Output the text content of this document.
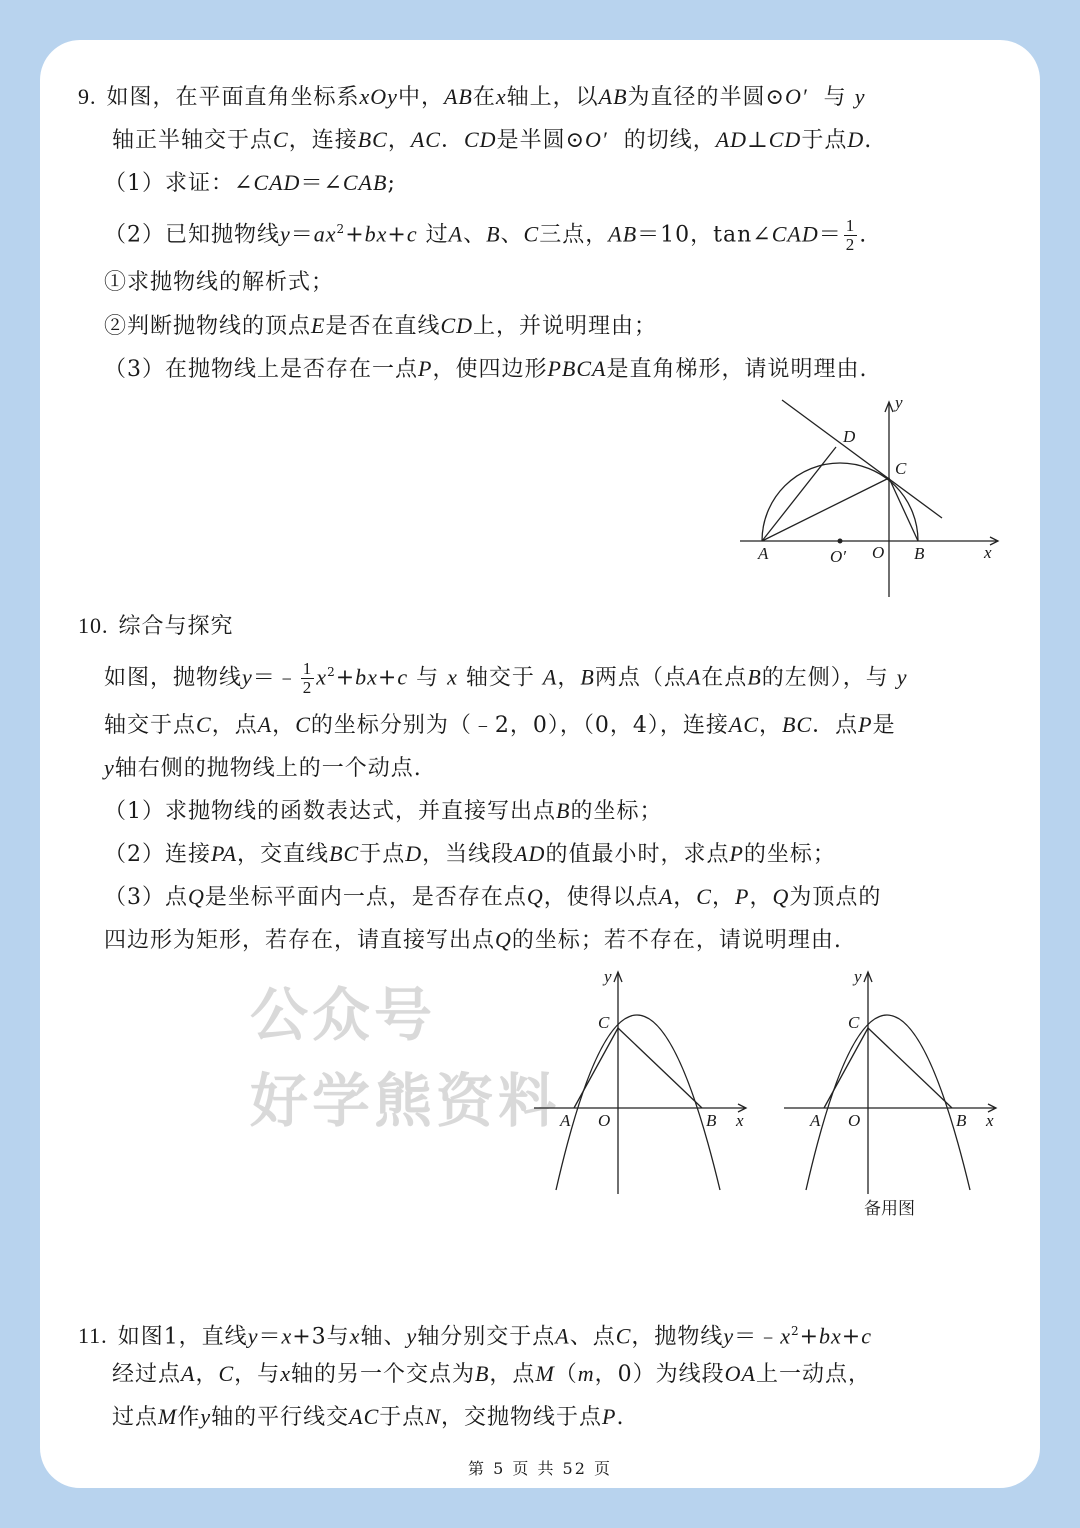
9. 如图，在平面直角坐标系xOy中，AB在x轴上，以AB为直径的半圆⊙O′ 与 y
轴正半轴交于点C，连接BC，AC．CD是半圆⊙O′ 的切线，AD⊥CD于点D.
（1）求证：∠CAD＝∠CAB;
（2）已知抛物线$y=ax^2+bx+c$ 过A、B、C三点，AB＝10，tan∠CAD＝ $\frac{1}{2}$ .
①求抛物线的解析式；
②判断抛物线的顶点E是否在直线CD上，并说明理由；
（3）在抛物线上是否存在一点P，使四边形PBCA是直角梯形，请说明理由.
y
D
C
A	O′ O B	x
10. 综合与探究
如图，抛物线y＝﹣ $\frac{1}{2} x^2+bx+c$ 与 x 轴交于 A，B两点（点A在点B的左侧），与 y
轴交于点C，点A，C的坐标分别为（﹣2，0），（0，4），连接AC，BC．点P是
y轴右侧的抛物线上的一个动点.
（1）求抛物线的函数表达式，并直接写出点B的坐标；
（2）连接PA，交直线BC于点D，当线段AD的值最小时，求点P的坐标；
（3）点Q是坐标平面内一点，是否存在点Q，使得以点A，C，P，Q为顶点的
四边形为矩形，若存在，请直接写出点Q的坐标；若不存在，请说明理由.
公众号
好学熊资料
y
C
A O	B x
y
C
A O	B x
备用图
11. 如图1，直线y＝x+3与x轴、y轴分别交于点A、点C，抛物线$y=﹣x^2+bx+c$
经过点A，C，与x轴的另一个交点为B，点M（m，0）为线段OA上一动点，
过点M作y轴的平行线交AC于点N，交抛物线于点P.
第 5 页 共 52 页
